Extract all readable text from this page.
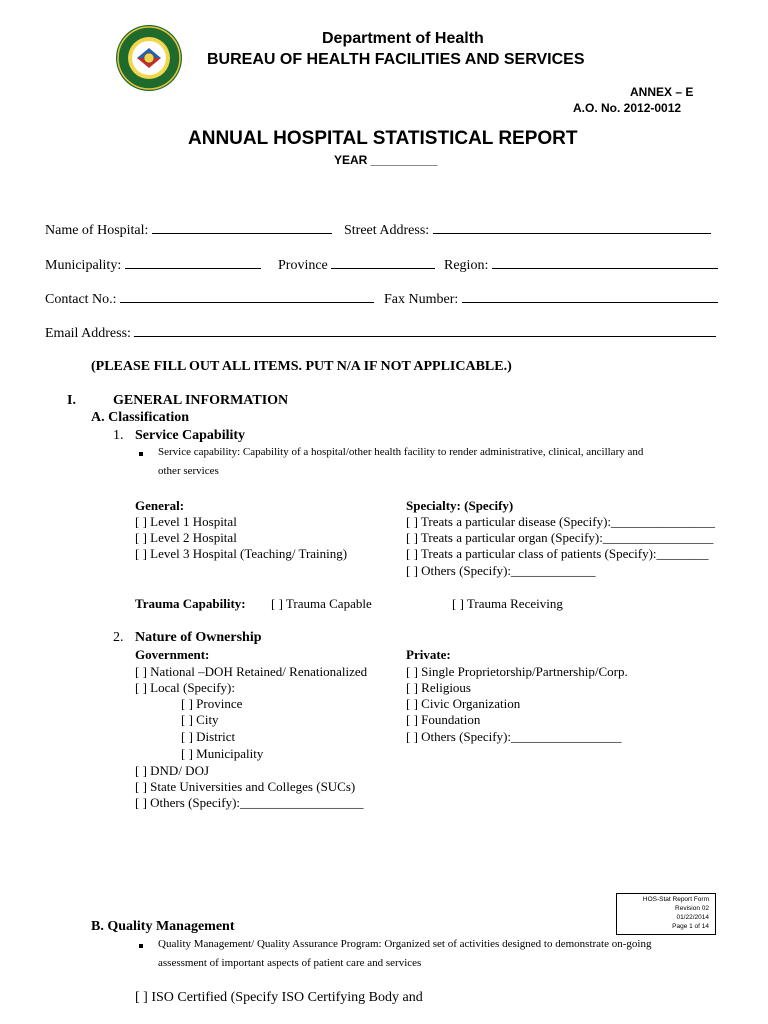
Department of Health
BUREAU OF HEALTH FACILITIES AND SERVICES
ANNEX – E
A.O. No. 2012-0012
ANNUAL HOSPITAL STATISTICAL REPORT
YEAR __________
Name of Hospital:	Street Address:
Municipality:	Province	Region:
Contact No.:	Fax Number:
Email Address:
(PLEASE FILL OUT ALL ITEMS. PUT N/A IF NOT APPLICABLE.)
I.	GENERAL INFORMATION
A. Classification
1. Service Capability
Service capability: Capability of a hospital/other health facility to render administrative, clinical, ancillary and
other services
General:
[ ] Level 1 Hospital
[ ] Level 2 Hospital
[ ] Level 3 Hospital (Teaching/ Training)
Specialty: (Specify)
[ ] Treats a particular disease (Specify):________________
[ ] Treats a particular organ (Specify):_________________
[ ] Treats a particular class of patients (Specify):________
[ ] Others (Specify):_____________
Trauma Capability: [ ] Trauma Capable	[ ] Trauma Receiving
2. Nature of Ownership
Government:
[ ] National –DOH Retained/ Renationalized
[ ] Local (Specify):
[ ] Province
[ ] City
[ ] District
[ ] Municipality
[ ] DND/ DOJ
[ ] State Universities and Colleges (SUCs)
[ ] Others (Specify):___________________
Private:
[ ] Single Proprietorship/Partnership/Corp.
[ ] Religious
[ ] Civic Organization
[ ] Foundation
[ ] Others (Specify):_________________
HOS-Stat Report Form
Revision 02
01/22/2014
Page 1 of 14
B. Quality Management
Quality Management/ Quality Assurance Program: Organized set of activities designed to demonstrate on-going
assessment of important aspects of patient care and services
[ ] ISO Certified (Specify ISO Certifying Body and
